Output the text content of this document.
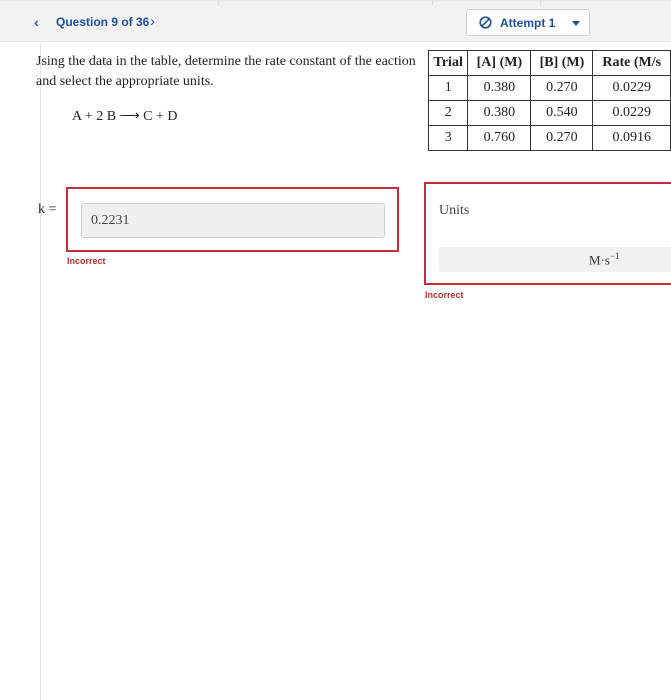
‹	Question 9 of 36 ›	Attempt 1
Jsing the data in the table, determine the rate constant of the eaction and select the appropriate units.
A + 2 B ⟶ C + D
Trial	[A] (M)	[B] (M)	Rate (M/s
1	0.380	0.270	0.0229
2	0.380	0.540	0.0229
3	0.760	0.270	0.0916
k =
0.2231
Incorrect
Units
$M\cdot s^{-1}$
Incorrect
